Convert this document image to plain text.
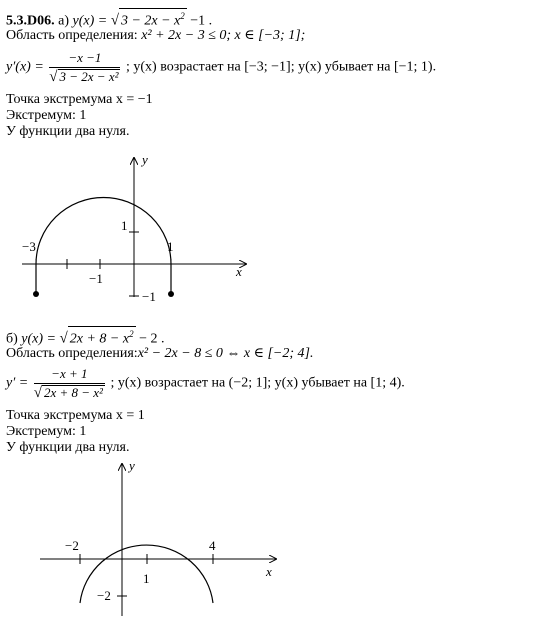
5.3.D06. а) y(x) = √ $3 - 2x - x^2 -1$ .
Область определения: x² + 2x − 3 ≤ 0; x ∈ [−3; 1];
$y'(x) = \frac{-x -1}{\text{√ 3 − 2x − x²}}$ ; y(x) возрастает на [−3; −1]; y(x) убывает на [−1; 1).
Точка экстремума x = −1
Экстремум: 1
У функции два нуля.
y
x
1
−3
−1
1
−1
б) y(x) = √ $2x + 8 - x^2 - 2$ .
Область определения:x² − 2x − 8 ≤ 0 ⇔ x ∈ [−2; 4].
$y' = \frac{-x + 1}{\text{√ 2x + 8 − x²}}$ ; y(x) возрастает на (−2; 1]; y(x) убывает на [1; 4).
Точка экстремума x = 1
Экстремум: 1
У функции два нуля.
y
x
−2	4
1
−2
